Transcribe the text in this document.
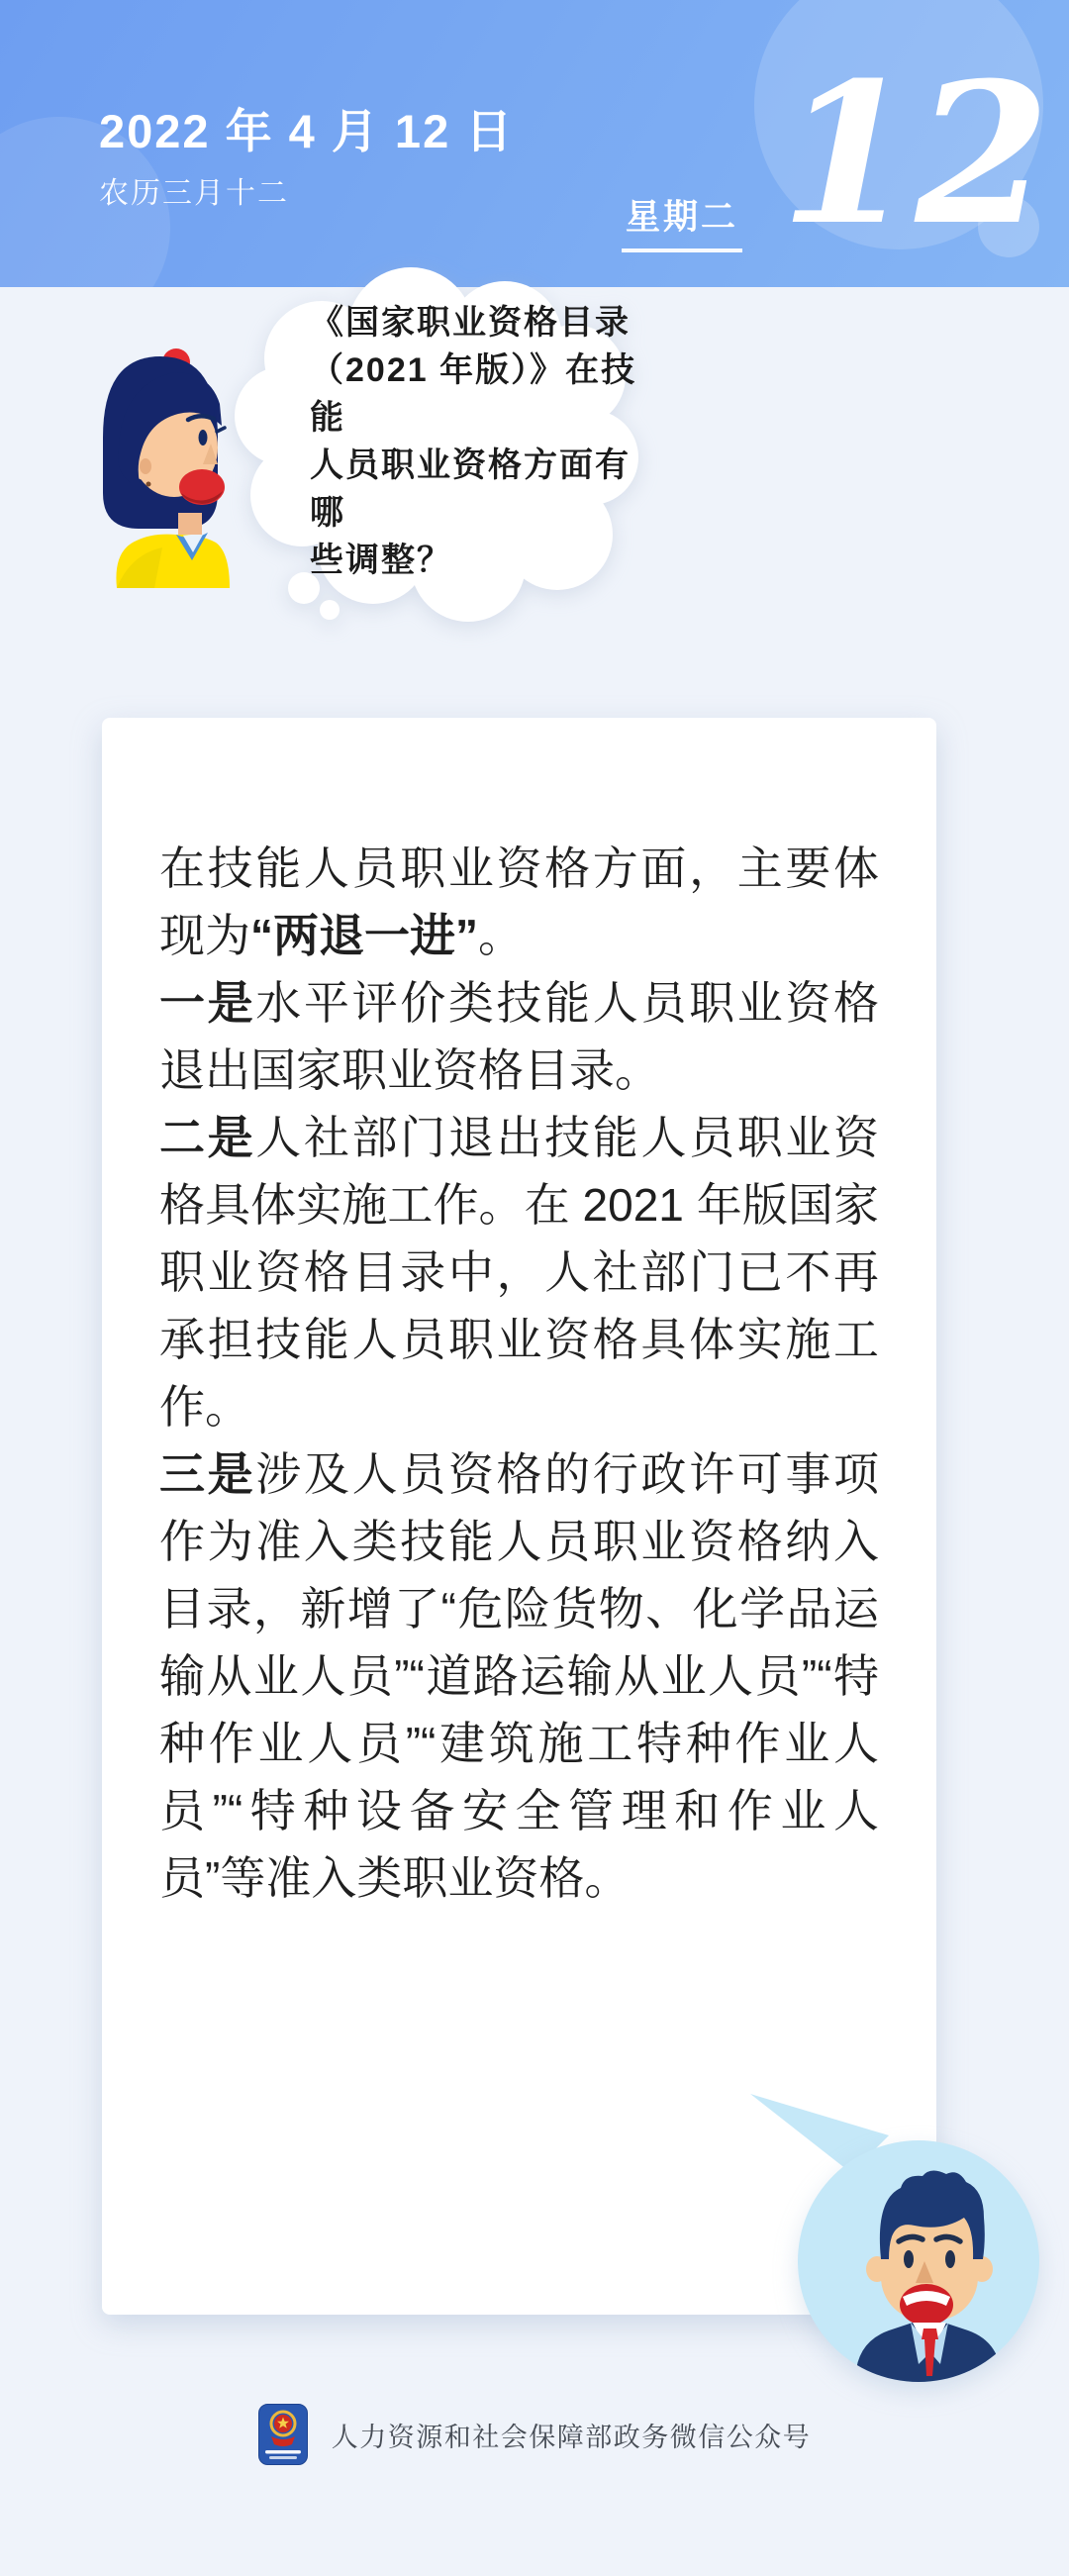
2022 年 4 月 12 日
农历三月十二
星期二 12
《国家职业资格目录
（2021 年版）》在技能
人员职业资格方面有哪
些调整？

在技能人员职业资格方面，主要体现为“两退一进”。

一是水平评价类技能人员职业资格退出国家职业资格目录。

二是人社部门退出技能人员职业资格具体实施工作。在 2021 年版国家职业资格目录中，人社部门已不再承担技能人员职业资格具体实施工作。

三是涉及人员资格的行政许可事项作为准入类技能人员职业资格纳入目录，新增了“危险货物、化学品运输从业人员”“道路运输从业人员”“特种作业人员”“建筑施工特种作业人员”“特种设备安全管理和作业人员”等准入类职业资格。

人力资源和社会保障部政务微信公众号
